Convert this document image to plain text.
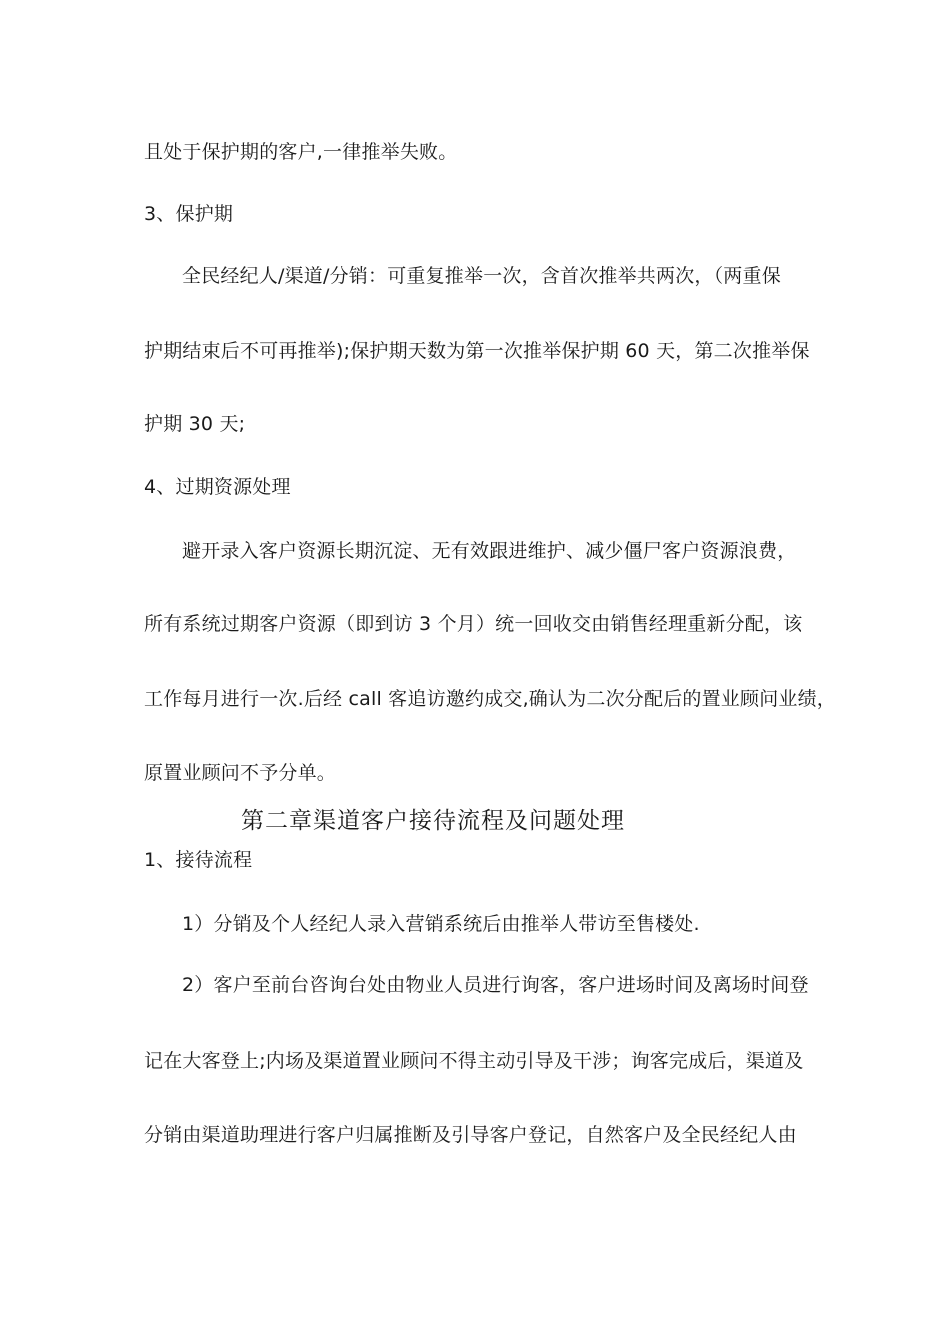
且处于保护期的客户,一律推举失败。
3、保护期
全民经纪人/渠道/分销：可重复推举一次，含首次推举共两次，（两重保
护期结束后不可再推举);保护期天数为第一次推举保护期 60 天，第二次推举保
护期 30 天;
4、过期资源处理
避开录入客户资源长期沉淀、无有效跟进维护、减少僵尸客户资源浪费，
所有系统过期客户资源（即到访 3 个月）统一回收交由销售经理重新分配，该
工作每月进行一次.后经 call 客追访邀约成交,确认为二次分配后的置业顾问业绩，
原置业顾问不予分单。
第二章渠道客户接待流程及问题处理
1、接待流程
1）分销及个人经纪人录入营销系统后由推举人带访至售楼处.
2）客户至前台咨询台处由物业人员进行询客，客户进场时间及离场时间登
记在大客登上;内场及渠道置业顾问不得主动引导及干涉；询客完成后，渠道及
分销由渠道助理进行客户归属推断及引导客户登记，自然客户及全民经纪人由
